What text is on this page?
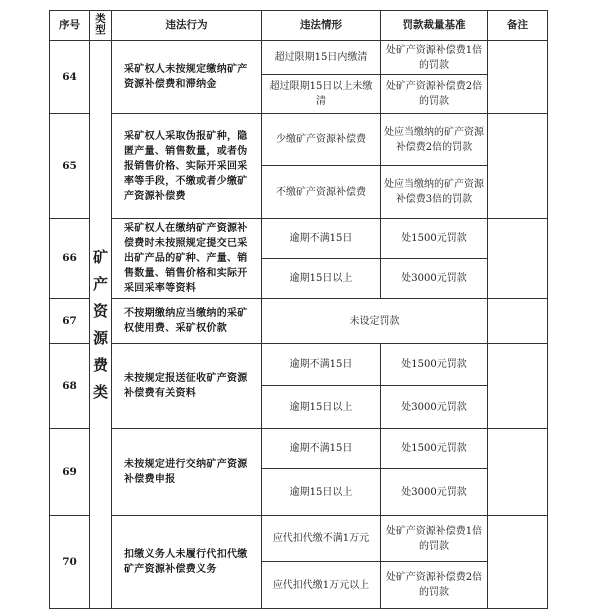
序号	类型	违法行为	违法情形	罚款裁量基准	备注
64	矿产资源费类	采矿权人未按规定缴纳矿产资源补偿费和滞纳金	超过限期15日内缴清	处矿产资源补偿费1倍的罚款	
			超过限期15日以上未缴清	处矿产资源补偿费2倍的罚款	
65		采矿权人采取伪报矿种，隐匿产量、销售数量，或者伪报销售价格、实际开采回采率等手段，不缴或者少缴矿产资源补偿费	少缴矿产资源补偿费	处应当缴纳的矿产资源补偿费2倍的罚款	
			不缴矿产资源补偿费	处应当缴纳的矿产资源补偿费3倍的罚款	
66		采矿权人在缴纳矿产资源补偿费时未按照规定提交已采出矿产品的矿种、产量、销售数量、销售价格和实际开采回采率等资料	逾期不满15日	处1500元罚款	
			逾期15日以上	处3000元罚款	
67		不按期缴纳应当缴纳的采矿权使用费、采矿权价款	未设定罚款		
68		未按规定报送征收矿产资源补偿费有关资料	逾期不满15日	处1500元罚款	
			逾期15日以上	处3000元罚款	
69		未按规定进行交纳矿产资源补偿费申报	逾期不满15日	处1500元罚款	
			逾期15日以上	处3000元罚款	
70		扣缴义务人未履行代扣代缴矿产资源补偿费义务	应代扣代缴不满1万元	处矿产资源补偿费1倍的罚款	
			应代扣代缴1万元以上	处矿产资源补偿费2倍的罚款	
